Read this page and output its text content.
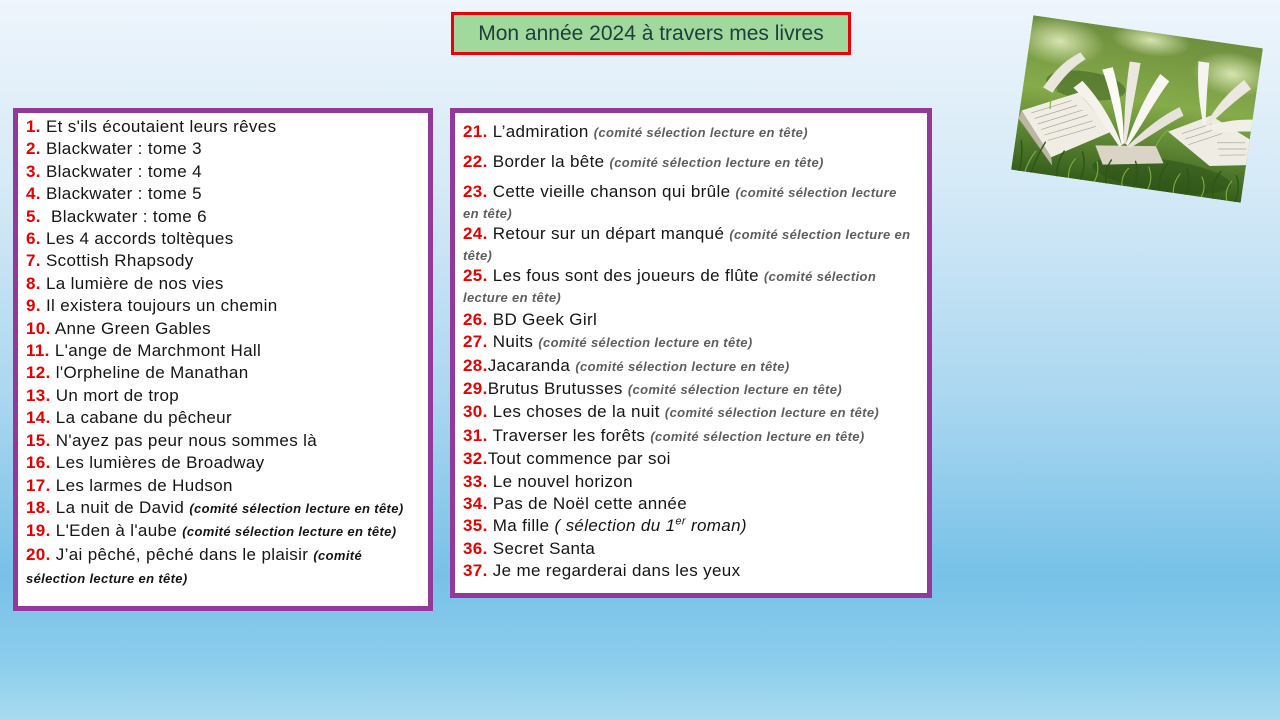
Mon année 2024 à travers mes livres
1. Et s'ils écoutaient leurs rêves
2. Blackwater : tome 3
3. Blackwater : tome 4
4. Blackwater : tome 5
5.  Blackwater : tome 6
6. Les 4 accords toltèques
7. Scottish Rhapsody
8. La lumière de nos vies
9. Il existera toujours un chemin
10. Anne Green Gables
11. L'ange de Marchmont Hall
12. l'Orpheline de Manathan
13. Un mort de trop
14. La cabane du pêcheur
15. N'ayez pas peur nous sommes là
16. Les lumières de Broadway
17. Les larmes de Hudson
18. La nuit de David (comité sélection lecture en tête)
19. L'Eden à l'aube (comité sélection lecture en tête)
20. J’ai pêché, pêché dans le plaisir (comité sélection lecture en tête)
21. L’admiration (comité sélection lecture en tête)
22. Border la bête (comité sélection lecture en tête)
23. Cette vieille chanson qui brûle (comité sélection lecture en tête)
24. Retour sur un départ manqué (comité sélection lecture en tête)
25. Les fous sont des joueurs de flûte (comité sélection lecture en tête)
26. BD Geek Girl
27. Nuits (comité sélection lecture en tête)
28.Jacaranda (comité sélection lecture en tête)
29.Brutus Brutusses (comité sélection lecture en tête)
30. Les choses de la nuit (comité sélection lecture en tête)
31. Traverser les forêts (comité sélection lecture en tête)
32.Tout commence par soi
33. Le nouvel horizon
34. Pas de Noël cette année
35. Ma fille ( sélection du 1er roman)
36. Secret Santa
37. Je me regarderai dans les yeux
